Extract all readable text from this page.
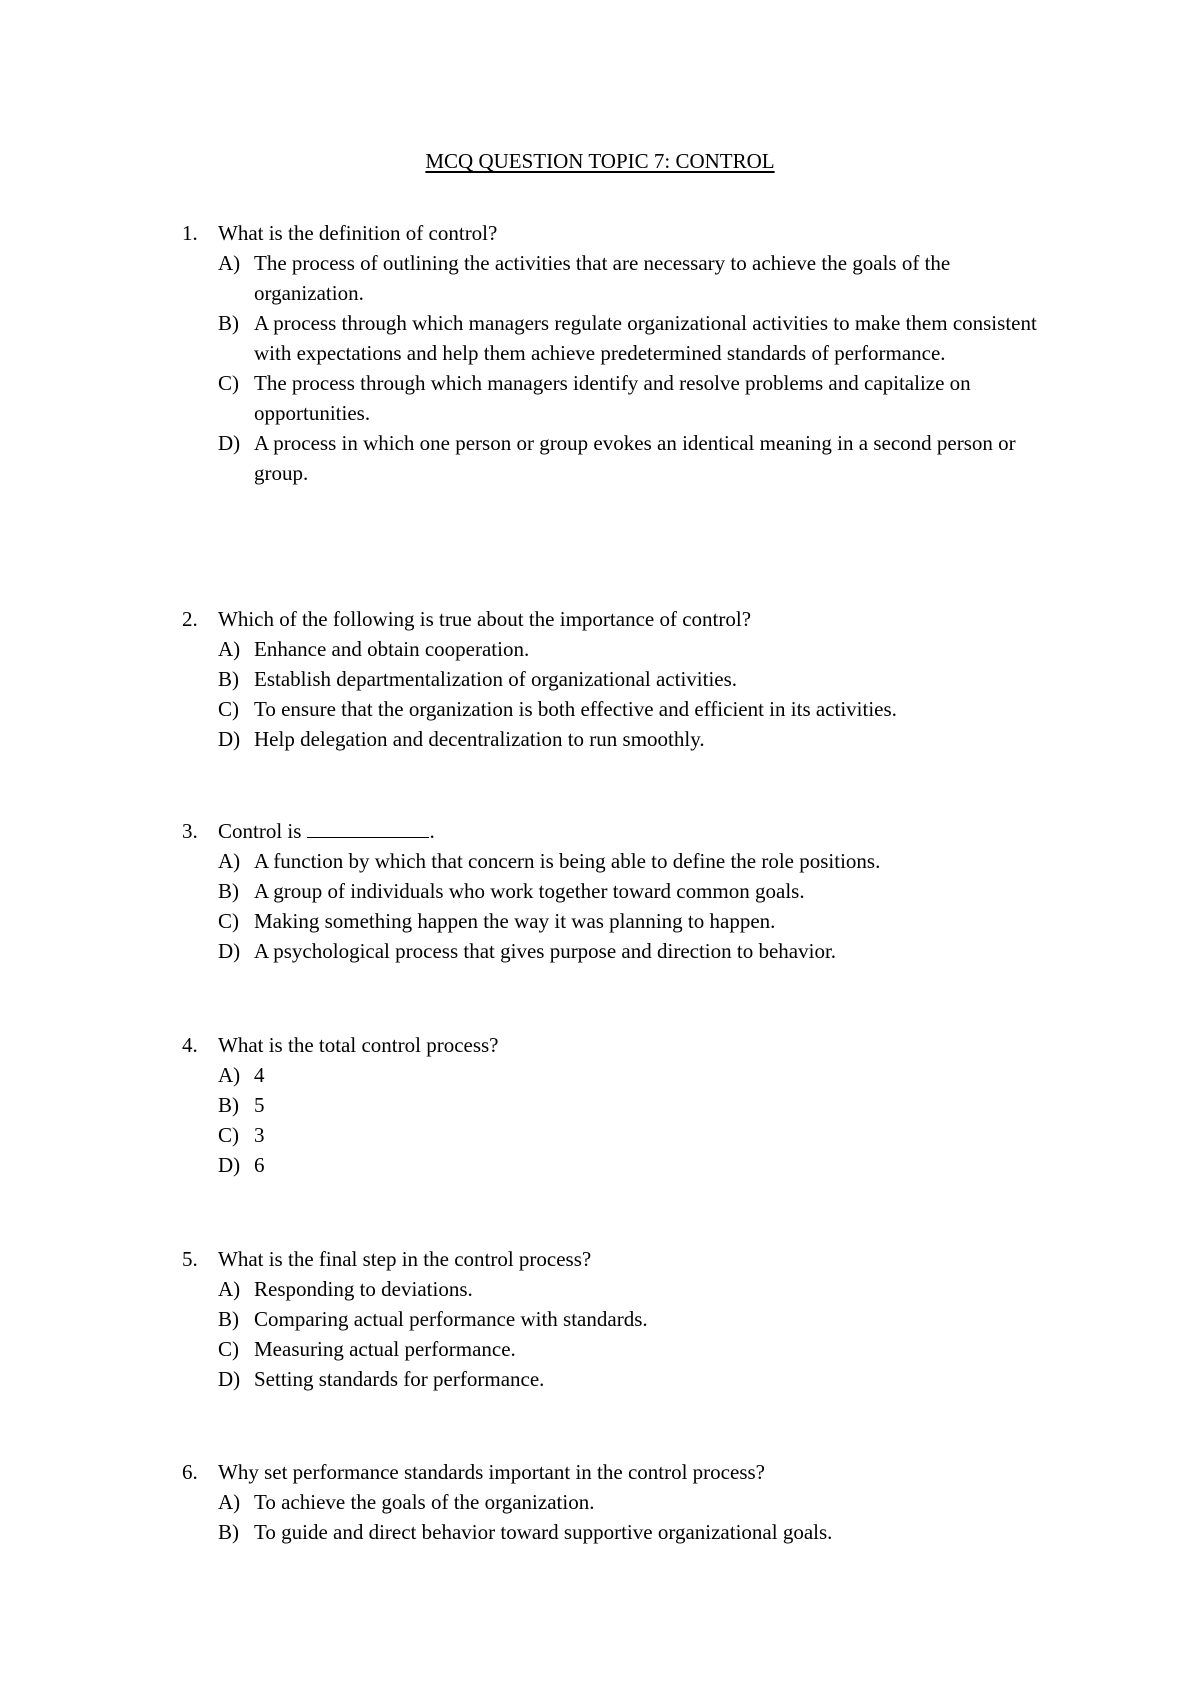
MCQ QUESTION TOPIC 7: CONTROL
1. What is the definition of control?
A) The process of outlining the activities that are necessary to achieve the goals of the organization.
B) A process through which managers regulate organizational activities to make them consistent with expectations and help them achieve predetermined standards of performance.
C) The process through which managers identify and resolve problems and capitalize on opportunities.
D) A process in which one person or group evokes an identical meaning in a second person or group.
2. Which of the following is true about the importance of control?
A) Enhance and obtain cooperation.
B) Establish departmentalization of organizational activities.
C) To ensure that the organization is both effective and efficient in its activities.
D) Help delegation and decentralization to run smoothly.
3. Control is	.
A) A function by which that concern is being able to define the role positions.
B) A group of individuals who work together toward common goals.
C) Making something happen the way it was planning to happen.
D) A psychological process that gives purpose and direction to behavior.
4. What is the total control process?
A) 4
B) 5
C) 3
D) 6
5. What is the final step in the control process?
A) Responding to deviations.
B) Comparing actual performance with standards.
C) Measuring actual performance.
D) Setting standards for performance.
6. Why set performance standards important in the control process?
A) To achieve the goals of the organization.
B) To guide and direct behavior toward supportive organizational goals.
